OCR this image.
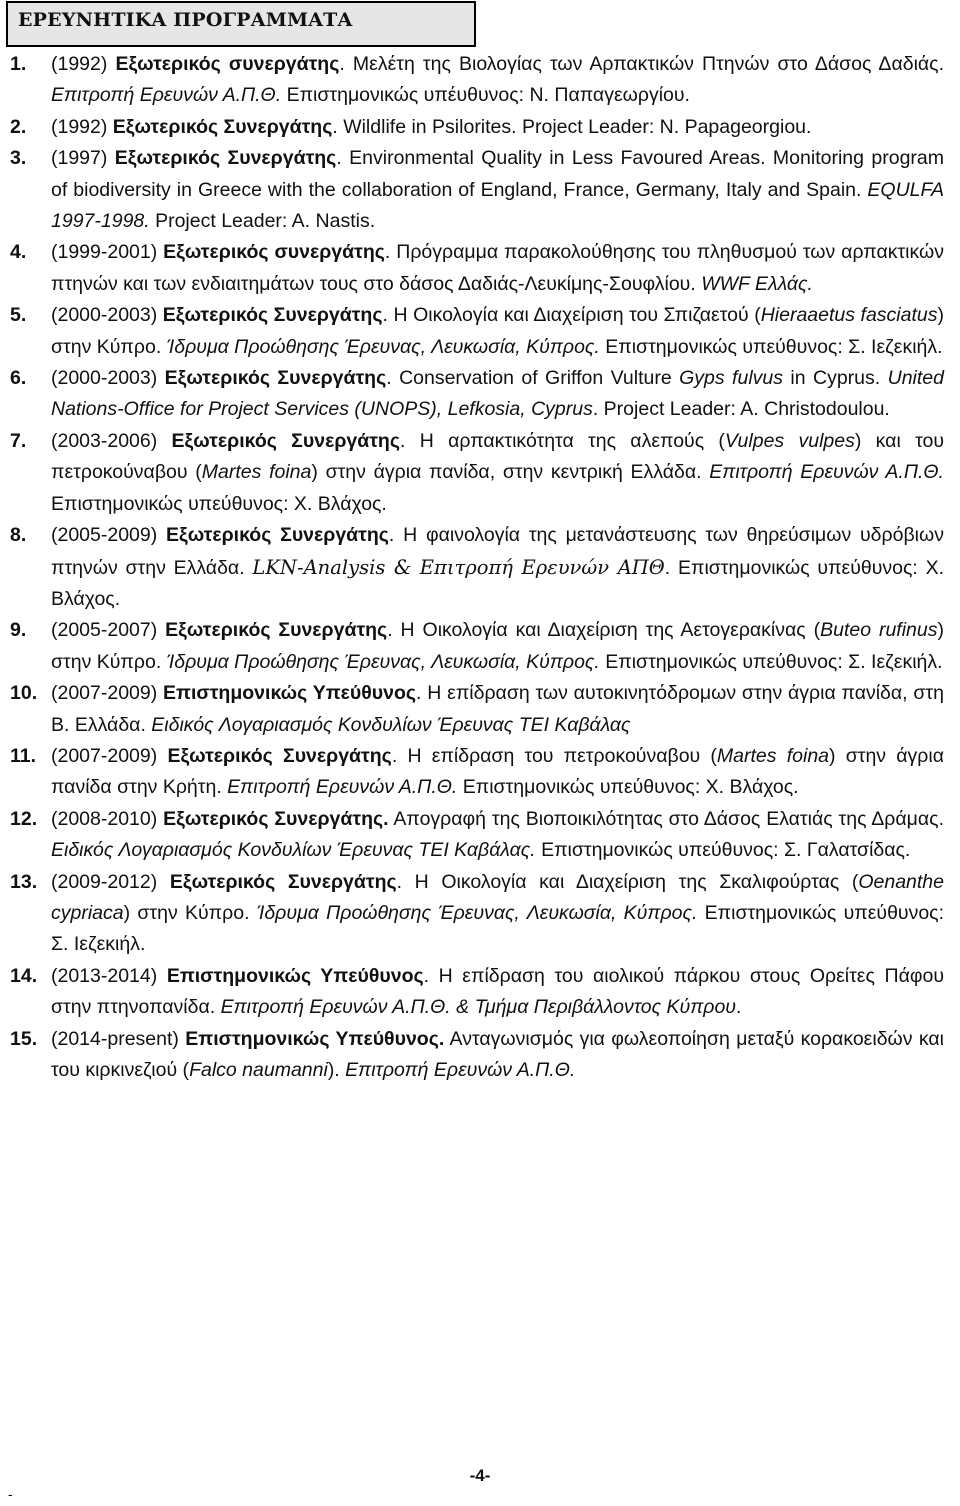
ΕΡΕΥΝΗΤΙΚΑ ΠΡΟΓΡΑΜΜΑΤΑ
1. (1992) Εξωτερικός συνεργάτης. Μελέτη της Βιολογίας των Αρπακτικών Πτηνών στο Δάσος Δαδιάς. Επιτροπή Ερευνών Α.Π.Θ. Επιστημονικώς υπέυθυνος: Ν. Παπαγεωργίου.
2. (1992) Εξωτερικός Συνεργάτης. Wildlife in Psilorites. Project Leader: N. Papageorgiou.
3. (1997) Εξωτερικός Συνεργάτης. Environmental Quality in Less Favoured Areas. Monitoring program of biodiversity in Greece with the collaboration of England, France, Germany, Italy and Spain. EQULFA 1997-1998. Project Leader: A. Nastis.
4. (1999-2001) Εξωτερικός συνεργάτης. Πρόγραμμα παρακολούθησης του πληθυσμού των αρπακτικών πτηνών και των ενδιαιτημάτων τους στο δάσος Δαδιάς-Λευκίμης-Σουφλίου. WWF Ελλάς.
5. (2000-2003) Εξωτερικός Συνεργάτης. Η Οικολογία και Διαχείριση του Σπιζαετού (Hieraaetus fasciatus) στην Κύπρο. Ίδρυμα Προώθησης Έρευνας, Λευκωσία, Κύπρος. Επιστημονικώς υπεύθυνος: Σ. Ιεζεκιήλ.
6. (2000-2003) Εξωτερικός Συνεργάτης. Conservation of Griffon Vulture Gyps fulvus in Cyprus. United Nations-Office for Project Services (UNOPS), Lefkosia, Cyprus. Project Leader: A. Christodoulou.
7. (2003-2006) Εξωτερικός Συνεργάτης. Η αρπακτικότητα της αλεπούς (Vulpes vulpes) και του πετροκούναβου (Martes foina) στην άγρια πανίδα, στην κεντρική Ελλάδα. Επιτροπή Ερευνών Α.Π.Θ. Επιστημονικώς υπεύθυνος: Χ. Βλάχος.
8. (2005-2009) Εξωτερικός Συνεργάτης. Η φαινολογία της μετανάστευσης των θηρεύσιμων υδρόβιων πτηνών στην Ελλάδα. LKN-Analysis & Επιτροπή Ερευνών ΑΠΘ. Επιστημονικώς υπεύθυνος: Χ. Βλάχος.
9. (2005-2007) Εξωτερικός Συνεργάτης. Η Οικολογία και Διαχείριση της Αετογερακίνας (Buteo rufinus) στην Κύπρο. Ίδρυμα Προώθησης Έρευνας, Λευκωσία, Κύπρος. Επιστημονικώς υπεύθυνος: Σ. Ιεζεκιήλ.
10. (2007-2009) Επιστημονικώς Υπεύθυνος. Η επίδραση των αυτοκινητόδρομων στην άγρια πανίδα, στη Β. Ελλάδα. Ειδικός Λογαριασμός Κονδυλίων Έρευνας ΤΕΙ Καβάλας
11. (2007-2009) Εξωτερικός Συνεργάτης. Η επίδραση του πετροκούναβου (Martes foina) στην άγρια πανίδα στην Κρήτη. Επιτροπή Ερευνών Α.Π.Θ. Επιστημονικώς υπεύθυνος: Χ. Βλάχος.
12. (2008-2010) Εξωτερικός Συνεργάτης. Απογραφή της Βιοποικιλότητας στο Δάσος Ελατιάς της Δράμας. Ειδικός Λογαριασμός Κονδυλίων Έρευνας ΤΕΙ Καβάλας. Επιστημονικώς υπεύθυνος: Σ. Γαλατσίδας.
13. (2009-2012) Εξωτερικός Συνεργάτης. Η Οικολογία και Διαχείριση της Σκαλιφούρτας (Oenanthe cypriaca) στην Κύπρο. Ίδρυμα Προώθησης Έρευνας, Λευκωσία, Κύπρος. Επιστημονικώς υπεύθυνος: Σ. Ιεζεκιήλ.
14. (2013-2014) Επιστημονικώς Υπεύθυνος. Η επίδραση του αιολικού πάρκου στους Ορείτες Πάφου στην πτηνοπανίδα. Επιτροπή Ερευνών Α.Π.Θ. & Τμήμα Περιβάλλοντος Κύπρου.
15. (2014-present) Επιστημονικώς Υπεύθυνος. Ανταγωνισμός για φωλεοποίηση μεταξύ κορακοειδών και του κιρκινεζιού (Falco naumanni). Επιτροπή Ερευνών Α.Π.Θ.
-4-
-
